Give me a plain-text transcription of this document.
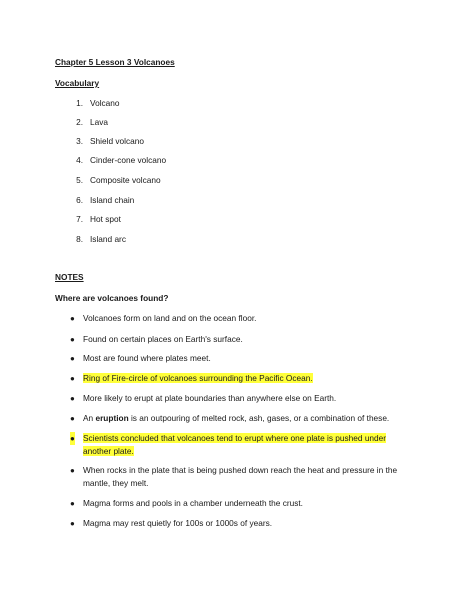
Chapter 5 Lesson 3 Volcanoes
Vocabulary
1. Volcano
2. Lava
3. Shield volcano
4. Cinder-cone volcano
5. Composite volcano
6. Island chain
7. Hot spot
8. Island arc
NOTES
Where are volcanoes found?
● Volcanoes form on land and on the ocean floor.
● Found on certain places on Earth's surface.
● Most are found where plates meet.
● Ring of Fire-circle of volcanoes surrounding the Pacific Ocean.
● More likely to erupt at plate boundaries than anywhere else on Earth.
● An eruption is an outpouring of melted rock, ash, gases, or a combination of these.
● Scientists concluded that volcanoes tend to erupt where one plate is pushed under another plate.
● When rocks in the plate that is being pushed down reach the heat and pressure in the mantle, they melt.
● Magma forms and pools in a chamber underneath the crust.
● Magma may rest quietly for 100s or 1000s of years.
